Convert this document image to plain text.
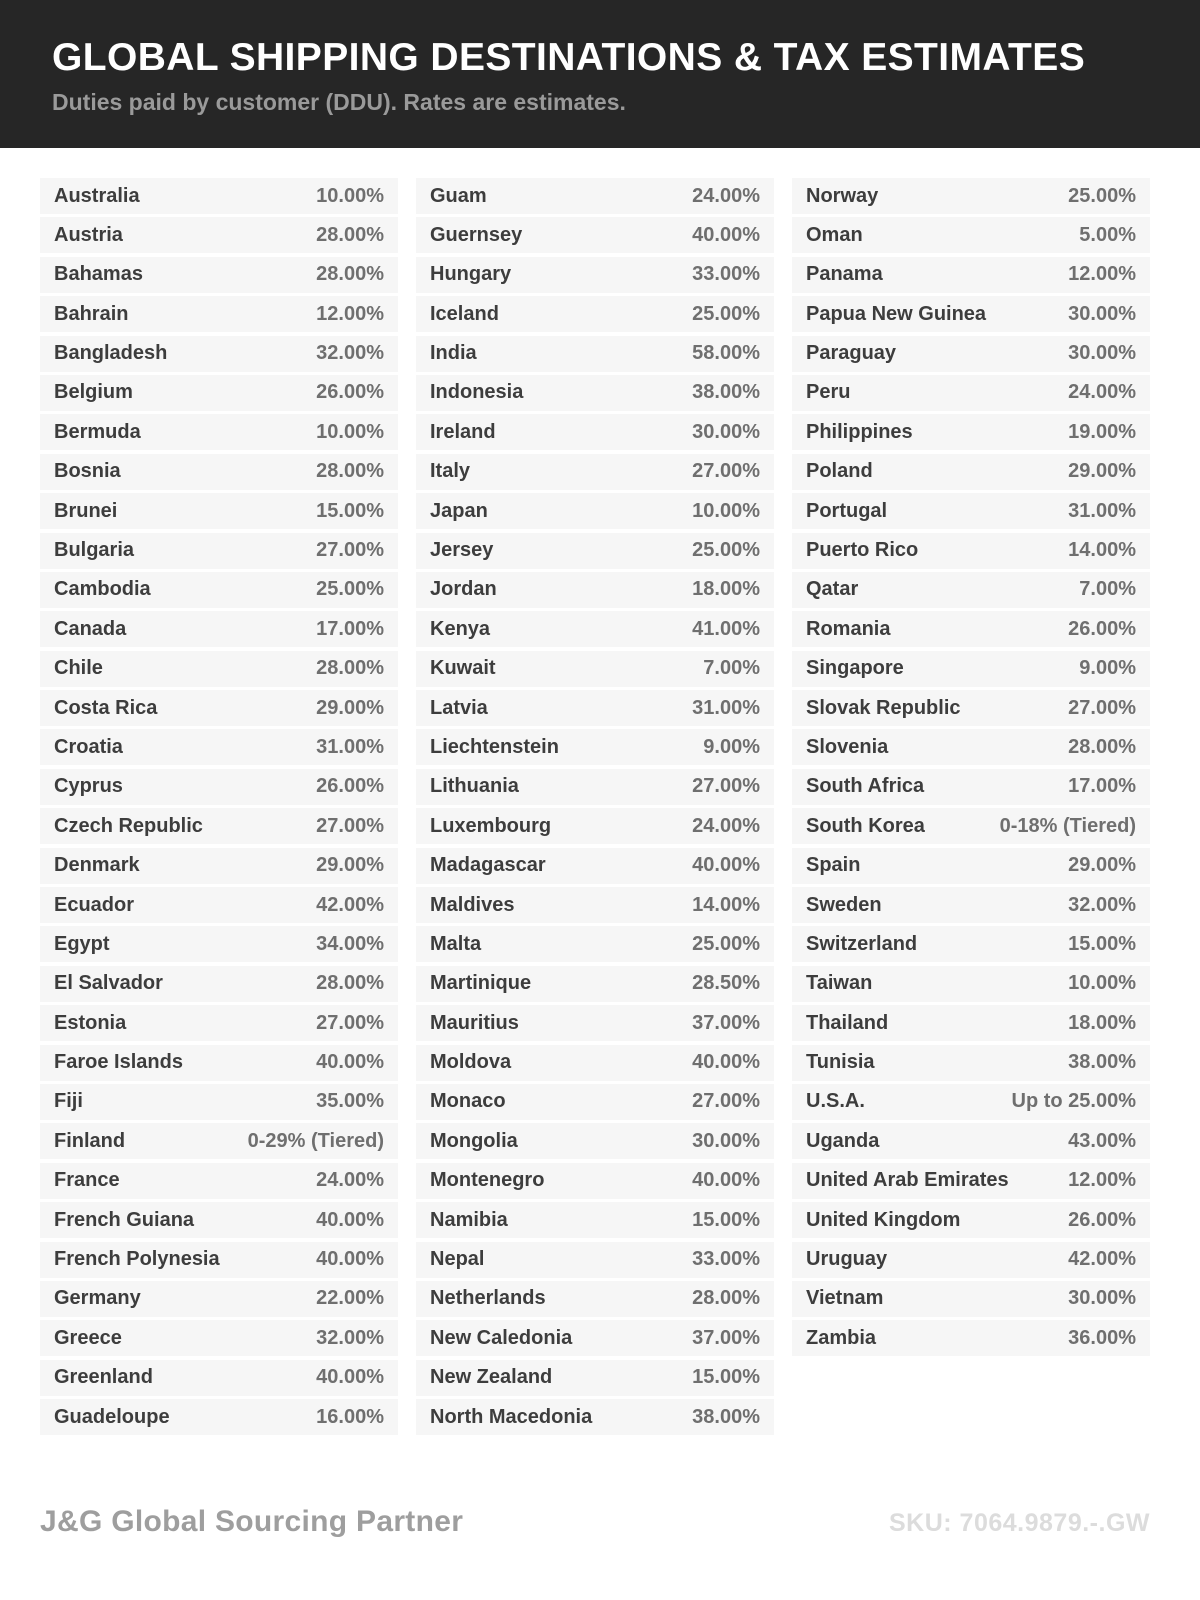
GLOBAL SHIPPING DESTINATIONS & TAX ESTIMATES

Duties paid by customer (DDU). Rates are estimates.

Australia	10.00%
Austria	28.00%
Bahamas	28.00%
Bahrain	12.00%
Bangladesh	32.00%
Belgium	26.00%
Bermuda	10.00%
Bosnia	28.00%
Brunei	15.00%
Bulgaria	27.00%
Cambodia	25.00%
Canada	17.00%
Chile	28.00%
Costa Rica	29.00%
Croatia	31.00%
Cyprus	26.00%
Czech Republic	27.00%
Denmark	29.00%
Ecuador	42.00%
Egypt	34.00%
El Salvador	28.00%
Estonia	27.00%
Faroe Islands	40.00%
Fiji	35.00%
Finland	0-29% (Tiered)
France	24.00%
French Guiana	40.00%
French Polynesia	40.00%
Germany	22.00%
Greece	32.00%
Greenland	40.00%
Guadeloupe	16.00%
Guam	24.00%
Guernsey	40.00%
Hungary	33.00%
Iceland	25.00%
India	58.00%
Indonesia	38.00%
Ireland	30.00%
Italy	27.00%
Japan	10.00%
Jersey	25.00%
Jordan	18.00%
Kenya	41.00%
Kuwait	7.00%
Latvia	31.00%
Liechtenstein	9.00%
Lithuania	27.00%
Luxembourg	24.00%
Madagascar	40.00%
Maldives	14.00%
Malta	25.00%
Martinique	28.50%
Mauritius	37.00%
Moldova	40.00%
Monaco	27.00%
Mongolia	30.00%
Montenegro	40.00%
Namibia	15.00%
Nepal	33.00%
Netherlands	28.00%
New Caledonia	37.00%
New Zealand	15.00%
North Macedonia	38.00%
Norway	25.00%
Oman	5.00%
Panama	12.00%
Papua New Guinea	30.00%
Paraguay	30.00%
Peru	24.00%
Philippines	19.00%
Poland	29.00%
Portugal	31.00%
Puerto Rico	14.00%
Qatar	7.00%
Romania	26.00%
Singapore	9.00%
Slovak Republic	27.00%
Slovenia	28.00%
South Africa	17.00%
South Korea	0-18% (Tiered)
Spain	29.00%
Sweden	32.00%
Switzerland	15.00%
Taiwan	10.00%
Thailand	18.00%
Tunisia	38.00%
U.S.A.	Up to 25.00%
Uganda	43.00%
United Arab Emirates	12.00%
United Kingdom	26.00%
Uruguay	42.00%
Vietnam	30.00%
Zambia	36.00%
J&G Global Sourcing Partner	SKU: 7064.9879.-.GW
